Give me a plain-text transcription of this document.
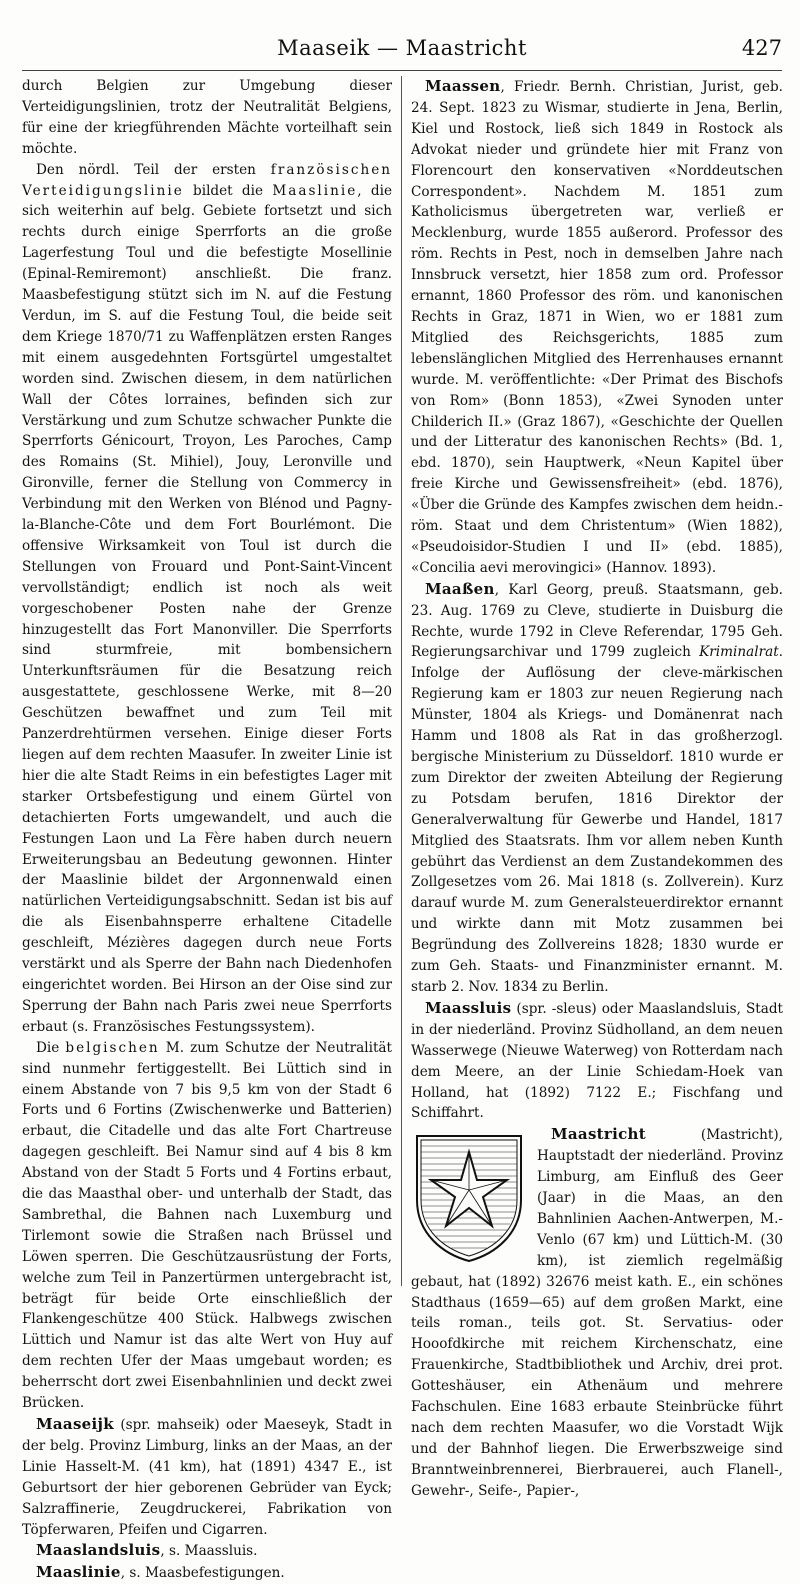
Maaseik — Maastricht	427

durch Belgien zur Umgebung dieser Verteidigungslinien, trotz der Neutralität Belgiens, für eine der kriegführenden Mächte vorteilhaft sein möchte.

Den nördl. Teil der ersten französischen Verteidigungslinie bildet die Maaslinie, die sich weiterhin auf belg. Gebiete fortsetzt und sich rechts durch einige Sperrforts an die große Lagerfestung Toul und die befestigte Mosellinie (Epinal-Remiremont) anschließt. Die franz. Maasbefestigung stützt sich im N. auf die Festung Verdun, im S. auf die Festung Toul, die beide seit dem Kriege 1870/71 zu Waffenplätzen ersten Ranges mit einem ausgedehnten Fortsgürtel umgestaltet worden sind. Zwischen diesem, in dem natürlichen Wall der Côtes lorraines, befinden sich zur Verstärkung und zum Schutze schwacher Punkte die Sperrforts Génicourt, Troyon, Les Paroches, Camp des Romains (St. Mihiel), Jouy, Leronville und Gironville, ferner die Stellung von Commercy in Verbindung mit den Werken von Blénod und Pagny-la-Blanche-Côte und dem Fort Bourlémont. Die offensive Wirksamkeit von Toul ist durch die Stellungen von Frouard und Pont-Saint-Vincent vervollständigt; endlich ist noch als weit vorgeschobener Posten nahe der Grenze hinzugestellt das Fort Manonviller. Die Sperrforts sind sturmfreie, mit bombensichern Unterkunftsräumen für die Besatzung reich ausgestattete, geschlossene Werke, mit 8—20 Geschützen bewaffnet und zum Teil mit Panzerdrehtürmen versehen. Einige dieser Forts liegen auf dem rechten Maasufer. In zweiter Linie ist hier die alte Stadt Reims in ein befestigtes Lager mit starker Ortsbefestigung und einem Gürtel von detachierten Forts umgewandelt, und auch die Festungen Laon und La Fère haben durch neuern Erweiterungsbau an Bedeutung gewonnen. Hinter der Maaslinie bildet der Argonnenwald einen natürlichen Verteidigungsabschnitt. Sedan ist bis auf die als Eisenbahnsperre erhaltene Citadelle geschleift, Mézières dagegen durch neue Forts verstärkt und als Sperre der Bahn nach Diedenhofen eingerichtet worden. Bei Hirson an der Oise sind zur Sperrung der Bahn nach Paris zwei neue Sperrforts erbaut (s. Französisches Festungssystem).

Die belgischen M. zum Schutze der Neutralität sind nunmehr fertiggestellt. Bei Lüttich sind in einem Abstande von 7 bis 9,5 km von der Stadt 6 Forts und 6 Fortins (Zwischenwerke und Batterien) erbaut, die Citadelle und das alte Fort Chartreuse dagegen geschleift. Bei Namur sind auf 4 bis 8 km Abstand von der Stadt 5 Forts und 4 Fortins erbaut, die das Maasthal ober- und unterhalb der Stadt, das Sambrethal, die Bahnen nach Luxemburg und Tirlemont sowie die Straßen nach Brüssel und Löwen sperren. Die Geschützausrüstung der Forts, welche zum Teil in Panzertürmen untergebracht ist, beträgt für beide Orte einschließlich der Flankengeschütze 400 Stück. Halbwegs zwischen Lüttich und Namur ist das alte Wert von Huy auf dem rechten Ufer der Maas umgebaut worden; es beherrscht dort zwei Eisenbahnlinien und deckt zwei Brücken.

Maaseijk (spr. mahseik) oder Maeseyk, Stadt in der belg. Provinz Limburg, links an der Maas, an der Linie Hasselt-M. (41 km), hat (1891) 4347 E., ist Geburtsort der hier geborenen Gebrüder van Eyck; Salzraffinerie, Zeugdruckerei, Fabrikation von Töpferwaren, Pfeifen und Cigarren.

Maaslandsluis, s. Maassluis.

Maaslinie, s. Maasbefestigungen.

Maassen, Friedr. Bernh. Christian, Jurist, geb. 24. Sept. 1823 zu Wismar, studierte in Jena, Berlin, Kiel und Rostock, ließ sich 1849 in Rostock als Advokat nieder und gründete hier mit Franz von Florencourt den konservativen «Norddeutschen Correspondent». Nachdem M. 1851 zum Katholicismus übergetreten war, verließ er Mecklenburg, wurde 1855 außerord. Professor des röm. Rechts in Pest, noch in demselben Jahre nach Innsbruck versetzt, hier 1858 zum ord. Professor ernannt, 1860 Professor des röm. und kanonischen Rechts in Graz, 1871 in Wien, wo er 1881 zum Mitglied des Reichsgerichts, 1885 zum lebenslänglichen Mitglied des Herrenhauses ernannt wurde. M. veröffentlichte: «Der Primat des Bischofs von Rom» (Bonn 1853), «Zwei Synoden unter Childerich II.» (Graz 1867), «Geschichte der Quellen und der Litteratur des kanonischen Rechts» (Bd. 1, ebd. 1870), sein Hauptwerk, «Neun Kapitel über freie Kirche und Gewissensfreiheit» (ebd. 1876), «Über die Gründe des Kampfes zwischen dem heidn.-röm. Staat und dem Christentum» (Wien 1882), «Pseudoisidor-Studien I und II» (ebd. 1885), «Concilia aevi merovingici» (Hannov. 1893).

Maaßen, Karl Georg, preuß. Staatsmann, geb. 23. Aug. 1769 zu Cleve, studierte in Duisburg die Rechte, wurde 1792 in Cleve Referendar, 1795 Geh. Regierungsarchivar und 1799 zugleich Kriminalrat. Infolge der Auflösung der cleve-märkischen Regierung kam er 1803 zur neuen Regierung nach Münster, 1804 als Kriegs- und Domänenrat nach Hamm und 1808 als Rat in das großherzogl. bergische Ministerium zu Düsseldorf. 1810 wurde er zum Direktor der zweiten Abteilung der Regierung zu Potsdam berufen, 1816 Direktor der Generalverwaltung für Gewerbe und Handel, 1817 Mitglied des Staatsrats. Ihm vor allem neben Kunth gebührt das Verdienst an dem Zustandekommen des Zollgesetzes vom 26. Mai 1818 (s. Zollverein). Kurz darauf wurde M. zum Generalsteuerdirektor ernannt und wirkte dann mit Motz zusammen bei Begründung des Zollvereins 1828; 1830 wurde er zum Geh. Staats- und Finanzminister ernannt. M. starb 2. Nov. 1834 zu Berlin.

Maassluis (spr. -sleus) oder Maaslandsluis, Stadt in der niederländ. Provinz Südholland, an dem neuen Wasserwege (Nieuwe Waterweg) von Rotterdam nach dem Meere, an der Linie Schiedam-Hoek van Holland, hat (1892) 7122 E.; Fischfang und Schiffahrt.

Maastricht (Mastricht), Hauptstadt der niederländ. Provinz Limburg, am Einfluß des Geer (Jaar) in die Maas, an den Bahnlinien Aachen-Antwerpen, M.-Venlo (67 km) und Lüttich-M. (30 km), ist ziemlich regelmäßig gebaut, hat (1892) 32676 meist kath. E., ein schönes Stadthaus (1659—65) auf dem großen Markt, eine teils roman., teils got. St. Servatius- oder Hooofdkirche mit reichem Kirchenschatz, eine Frauenkirche, Stadtbibliothek und Archiv, drei prot. Gotteshäuser, ein Athenäum und mehrere Fachschulen. Eine 1683 erbaute Steinbrücke führt nach dem rechten Maasufer, wo die Vorstadt Wijk und der Bahnhof liegen. Die Erwerbszweige sind Branntweinbrennerei, Bierbrauerei, auch Flanell-, Gewehr-, Seife-, Papier-,
